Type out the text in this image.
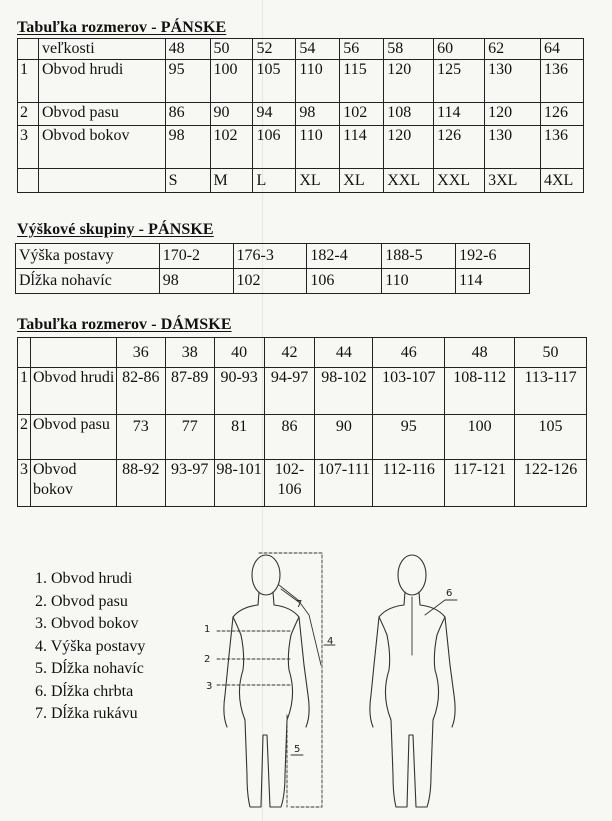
Tabuľka rozmerov - PÁNSKE
	veľkosti	48	50	52	54	56	58	60	62	64
1	Obvod hrudi	95	100	105	110	115	120	125	130	136
2	Obvod pasu	86	90	94	98	102	108	114	120	126
3	Obvod bokov	98	102	106	110	114	120	126	130	136
		S	M	L	XL	XL	XXL	XXL	3XL	4XL
Výškové skupiny - PÁNSKE
Výška postavy	170-2	176-3	182-4	188-5	192-6
Dĺžka nohavíc	98	102	106	110	114
Tabuľka rozmerov - DÁMSKE
		36	38	40	42	44	46	48	50
1	Obvod hrudi	82-86	87-89	90-93	94-97	98-102	103-107	108-112	113-117
2	Obvod pasu	73	77	81	86	90	95	100	105

3	Obvod bokov	88-92	93-97	98-101	102-106	107-111	112-116	117-121	122-126
1. Obvod hrudi
2. Obvod pasu
3. Obvod bokov
4. Výška postavy
5. Dĺžka nohavíc
6. Dĺžka chrbta
7. Dĺžka rukávu
1
2
3
4
5
6
7
